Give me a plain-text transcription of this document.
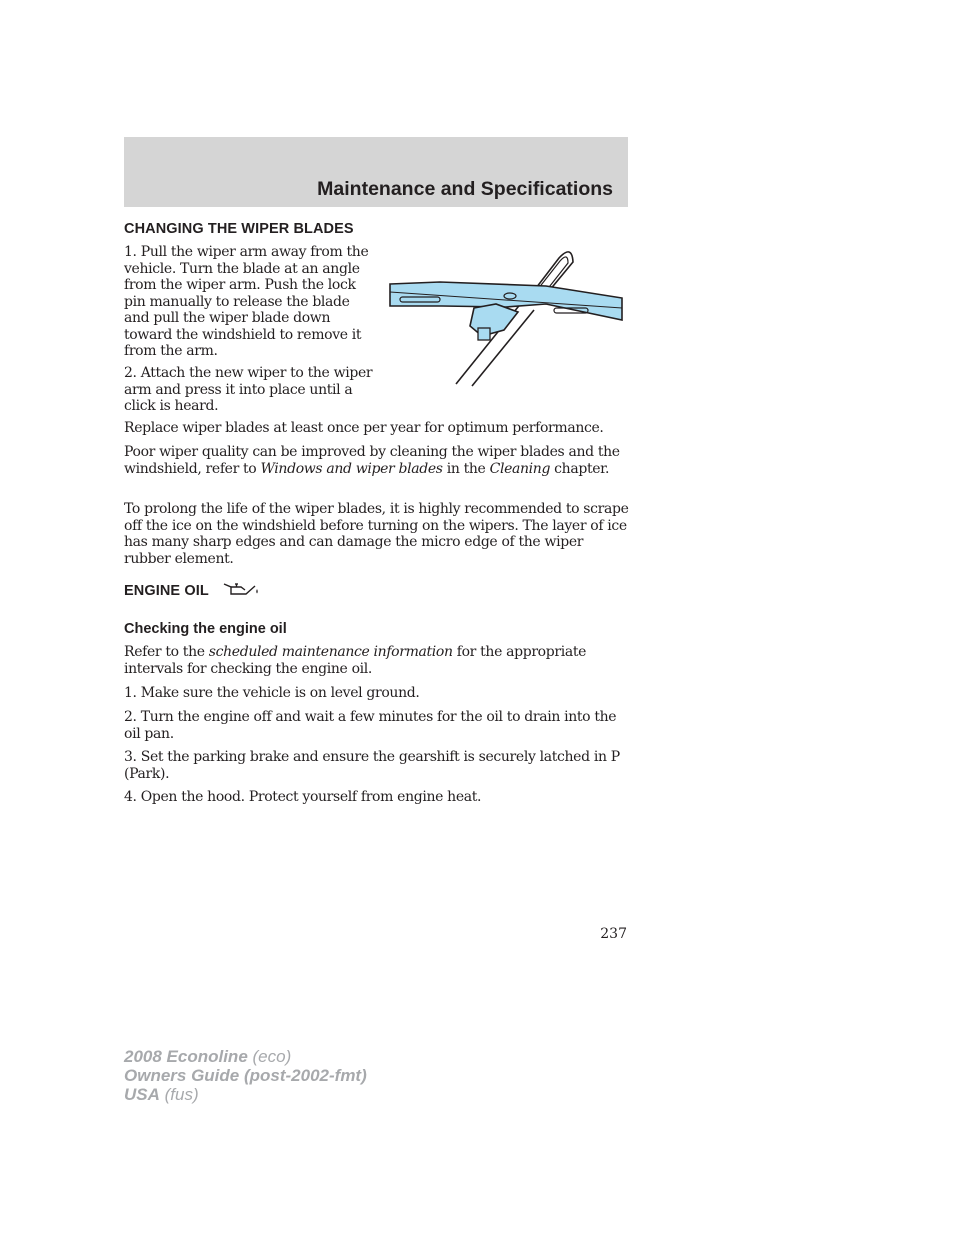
Maintenance and Specifications
CHANGING THE WIPER BLADES

1. Pull the wiper arm away from the vehicle. Turn the blade at an angle from the wiper arm. Push the lock pin manually to release the blade and pull the wiper blade down toward the windshield to remove it from the arm.

2. Attach the new wiper to the wiper arm and press it into place until a click is heard.

Replace wiper blades at least once per year for optimum performance.

Poor wiper quality can be improved by cleaning the wiper blades and the windshield, refer to Windows and wiper blades in the Cleaning chapter.

To prolong the life of the wiper blades, it is highly recommended to scrape off the ice on the windshield before turning on the wipers. The layer of ice has many sharp edges and can damage the micro edge of the wiper rubber element.

ENGINE OIL
Checking the engine oil

Refer to the scheduled maintenance information for the appropriate intervals for checking the engine oil.

1. Make sure the vehicle is on level ground.

2. Turn the engine off and wait a few minutes for the oil to drain into the oil pan.

3. Set the parking brake and ensure the gearshift is securely latched in P (Park).

4. Open the hood. Protect yourself from engine heat.

237

2008 Econoline (eco)
Owners Guide (post-2002-fmt)
USA (fus)
